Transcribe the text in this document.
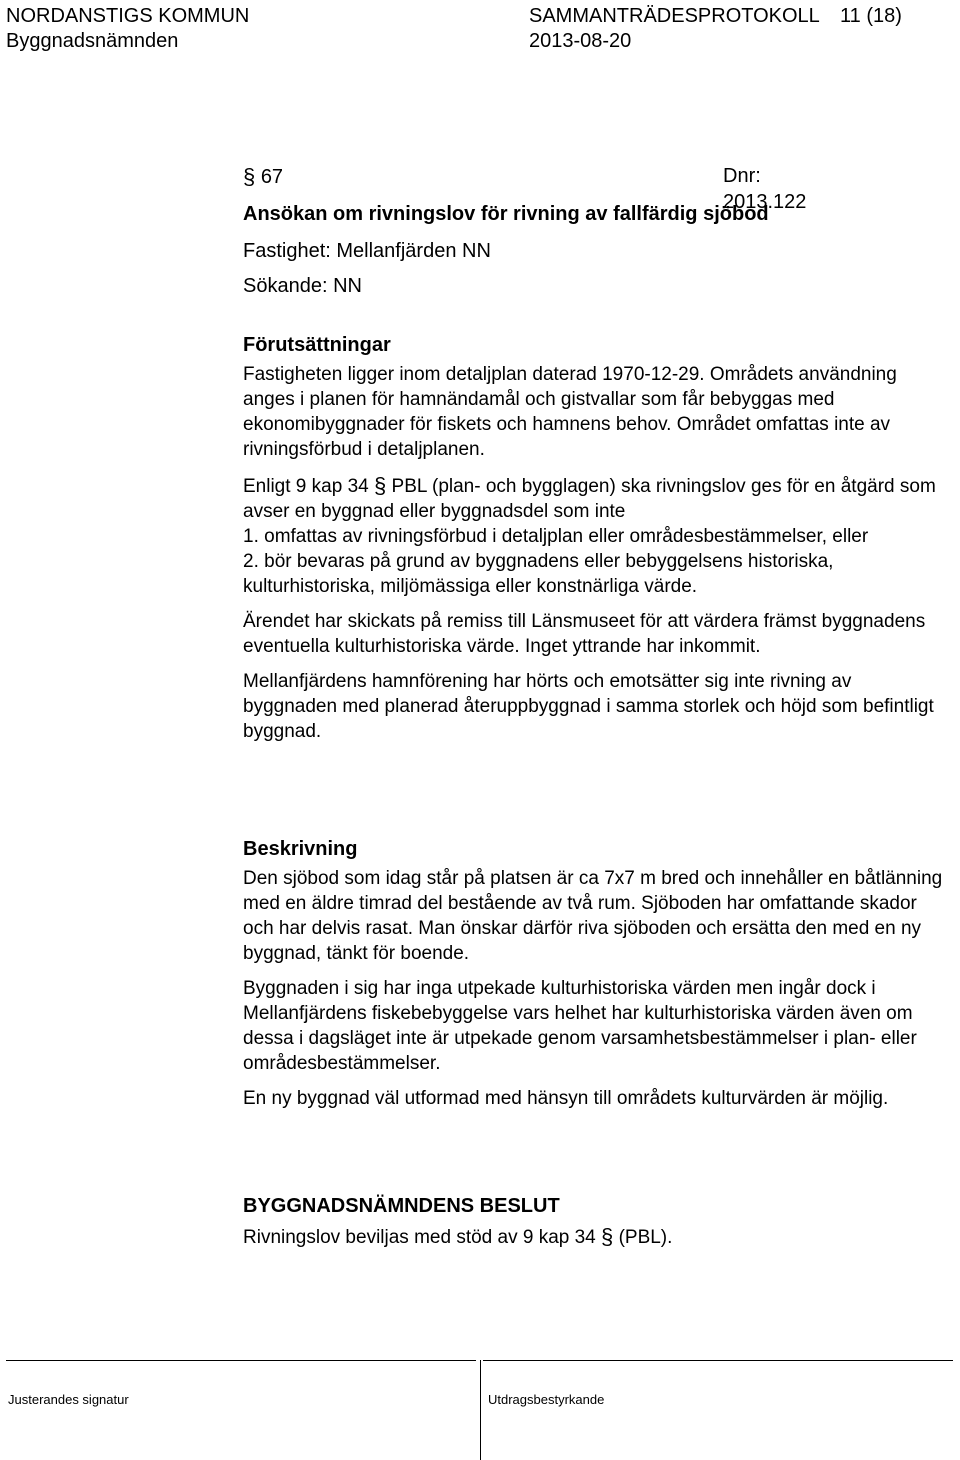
NORDANSTIGS KOMMUN	SAMMANTRÄDESPROTOKOLL 11 (18)
Byggnadsnämnden	2013-08-20
§ 67	Dnr: 2013.122
Ansökan om rivningslov för rivning av fallfärdig sjöbod
Fastighet: Mellanfjärden NN
Sökande: NN

Förutsättningar

Fastigheten ligger inom detaljplan daterad 1970-12-29. Områdets användning anges i planen för hamnändamål och gistvallar som får bebyggas med ekonomibyggnader för fiskets och hamnens behov. Området omfattas inte av rivningsförbud i detaljplanen.

Enligt 9 kap 34 § PBL (plan- och bygglagen) ska rivningslov ges för en åtgärd som avser en byggnad eller byggnadsdel som inte

1. omfattas av rivningsförbud i detaljplan eller områdesbestämmelser, eller

2. bör bevaras på grund av byggnadens eller bebyggelsens historiska, kulturhistoriska, miljömässiga eller konstnärliga värde.

Ärendet har skickats på remiss till Länsmuseet för att värdera främst byggnadens eventuella kulturhistoriska värde. Inget yttrande har inkommit.

Mellanfjärdens hamnförening har hörts och emotsätter sig inte rivning av byggnaden med planerad återuppbyggnad i samma storlek och höjd som befintligt byggnad.

Beskrivning

Den sjöbod som idag står på platsen är ca 7x7 m bred och innehåller en båtlänning med en äldre timrad del bestående av två rum. Sjöboden har omfattande skador och har delvis rasat. Man önskar därför riva sjöboden och ersätta den med en ny byggnad, tänkt för boende.

Byggnaden i sig har inga utpekade kulturhistoriska värden men ingår dock i Mellanfjärdens fiskebebyggelse vars helhet har kulturhistoriska värden även om dessa i dagsläget inte är utpekade genom varsamhetsbestämmelser i plan- eller områdesbestämmelser.

En ny byggnad väl utformad med hänsyn till områdets kulturvärden är möjlig.

BYGGNADSNÄMNDENS BESLUT

Rivningslov beviljas med stöd av 9 kap 34 § (PBL).

Justerandes signatur	Utdragsbestyrkande
